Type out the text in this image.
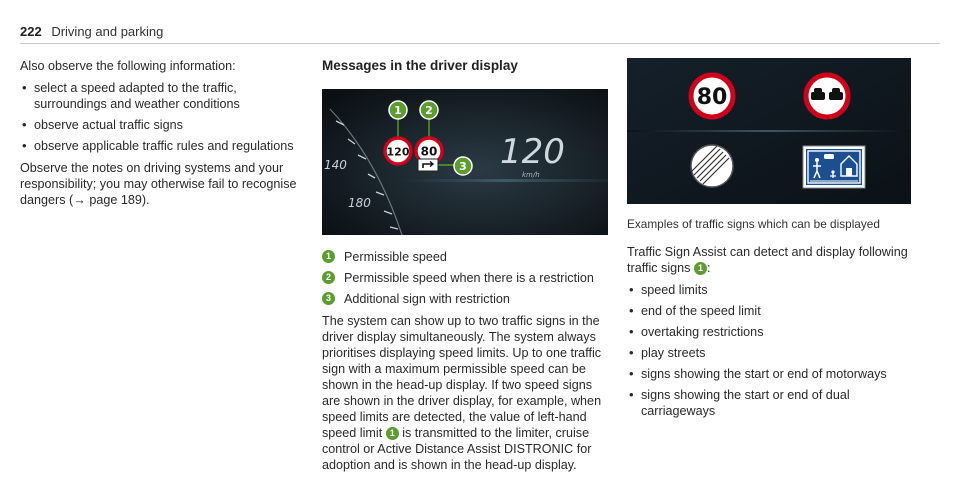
222 Driving and parking

Also observe the following information:

• select a speed adapted to the traffic, surroundings and weather conditions
• observe actual traffic signs
• observe applicable traffic rules and regulations

Observe the notes on driving systems and your responsibility; you may otherwise fail to recognise dangers (→ page 189).

Messages in the driver display
140
180
120 80 120
km/h
1 2
3
1	Permissible speed
2	Permissible speed when there is a restriction
3	Additional sign with restriction

The system can show up to two traffic signs in the driver display simultaneously. The system always prioritises displaying speed limits. Up to one traffic sign with a maximum permissible speed can be shown in the head-up display. If two speed signs are shown in the driver display, for example, when speed limits are detected, the value of left-hand speed limit 1 is transmitted to the limiter, cruise control or Active Distance Assist DISTRONIC for adoption and is shown in the head-up display.

80

Examples of traffic signs which can be displayed

Traffic Sign Assist can detect and display following traffic signs 1 :

• speed limits
• end of the speed limit
• overtaking restrictions
• play streets
• signs showing the start or end of motorways
• signs showing the start or end of dual carriageways
